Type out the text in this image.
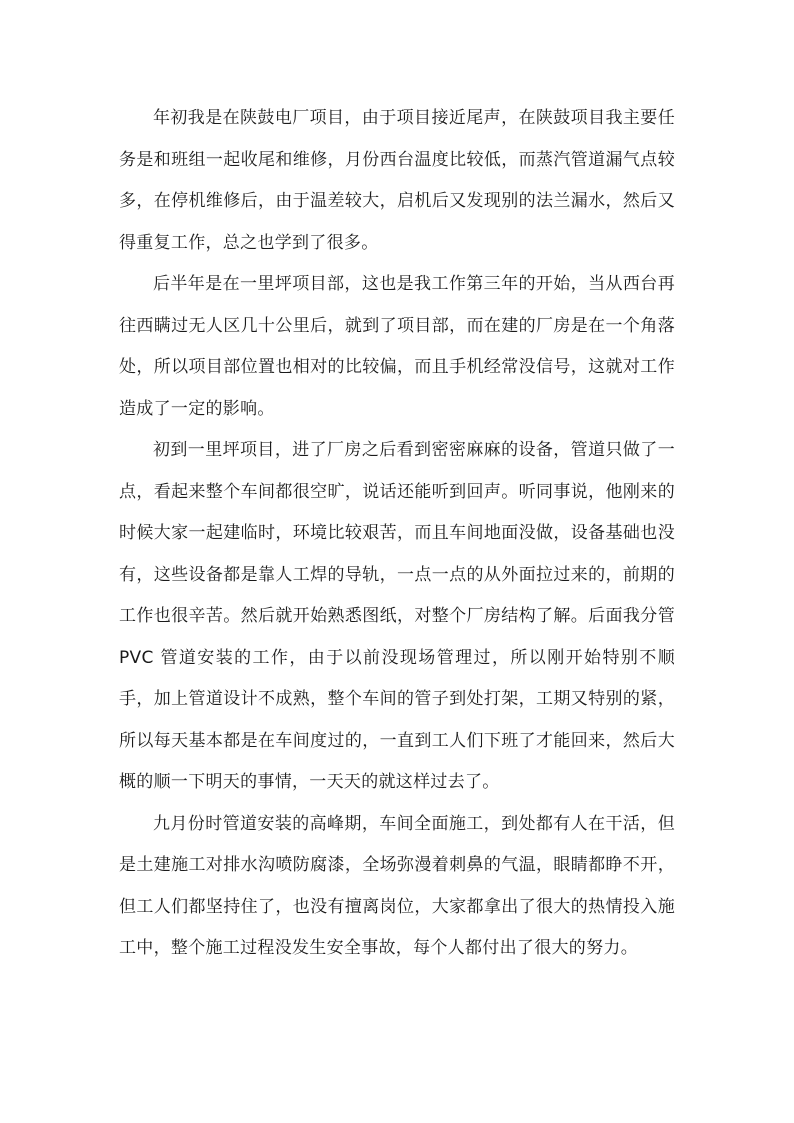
年初我是在陕鼓电厂项目，由于项目接近尾声，在陕鼓项目我主要任务是和班组一起收尾和维修，月份西台温度比较低，而蒸汽管道漏气点较多，在停机维修后，由于温差较大，启机后又发现别的法兰漏水，然后又得重复工作，总之也学到了很多。

后半年是在一里坪项目部，这也是我工作第三年的开始，当从西台再往西瞒过无人区几十公里后，就到了项目部，而在建的厂房是在一个角落处，所以项目部位置也相对的比较偏，而且手机经常没信号，这就对工作造成了一定的影响。

初到一里坪项目，进了厂房之后看到密密麻麻的设备，管道只做了一点，看起来整个车间都很空旷，说话还能听到回声。听同事说，他刚来的时候大家一起建临时，环境比较艰苦，而且车间地面没做，设备基础也没有，这些设备都是靠人工焊的导轨，一点一点的从外面拉过来的，前期的工作也很辛苦。然后就开始熟悉图纸，对整个厂房结构了解。后面我分管 PVC 管道安装的工作，由于以前没现场管理过，所以刚开始特别不顺手，加上管道设计不成熟，整个车间的管子到处打架，工期又特别的紧，所以每天基本都是在车间度过的，一直到工人们下班了才能回来，然后大概的顺一下明天的事情，一天天的就这样过去了。

九月份时管道安装的高峰期，车间全面施工，到处都有人在干活，但是土建施工对排水沟喷防腐漆，全场弥漫着刺鼻的气温，眼睛都睁不开，但工人们都坚持住了，也没有擅离岗位，大家都拿出了很大的热情投入施工中，整个施工过程没发生安全事故，每个人都付出了很大的努力。
